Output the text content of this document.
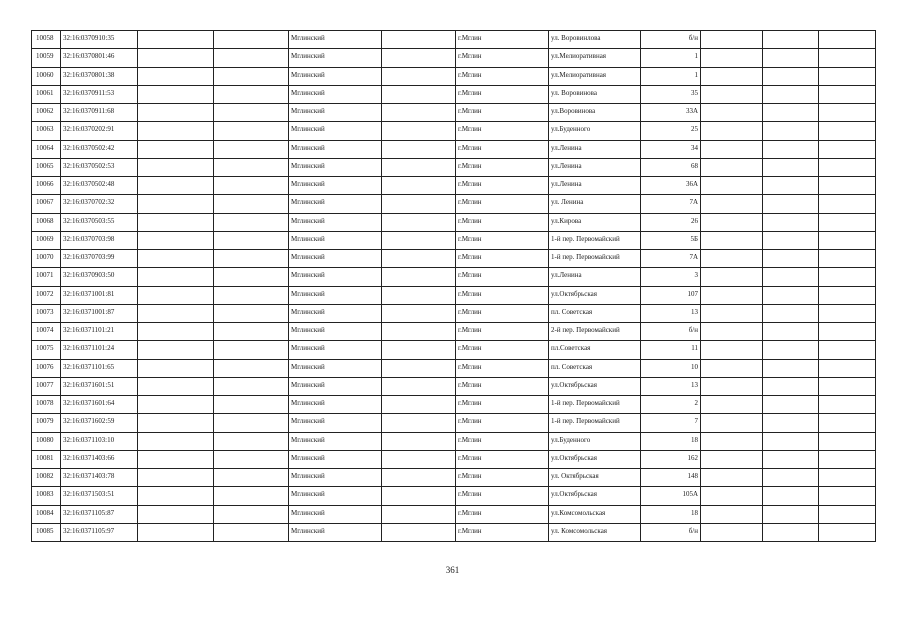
10058	32:16:0370910:35			Мглинский		г.Мглин	ул. Воровинлова	б/н			
10059	32:16:0370801:46			Мглинский		г.Мглин	ул.Мелиоративная	1			
10060	32:16:0370801:38			Мглинский		г.Мглин	ул.Мелиоративная	1			
10061	32:16:0370911:53			Мглинский		г.Мглин	ул. Воровинова	35			
10062	32:16:0370911:68			Мглинский		г.Мглин	ул.Воровинова	33А			
10063	32:16:0370202:91			Мглинский		г.Мглин	ул.Буденного	25			
10064	32:16:0370502:42			Мглинский		г.Мглин	ул.Ленина	34			
10065	32:16:0370502:53			Мглинский		г.Мглин	ул.Ленина	68			
10066	32:16:0370502:48			Мглинский		г.Мглин	ул.Ленина	36А			
10067	32:16:0370702:32			Мглинский		г.Мглин	ул. Ленина	7А			
10068	32:16:0370503:55			Мглинский		г.Мглин	ул.Кирова	26			
10069	32:16:0370703:98			Мглинский		г.Мглин	1-й пер. Первомайский	5Б			
10070	32:16:0370703:99			Мглинский		г.Мглин	1-й пер. Первомайский	7А			
10071	32:16:0370903:50			Мглинский		г.Мглин	ул.Ленина	3			
10072	32:16:0371001:81			Мглинский		г.Мглин	ул.Октябрьская	107			
10073	32:16:0371001:87			Мглинский		г.Мглин	пл. Советская	13			
10074	32:16:0371101:21			Мглинский		г.Мглин	2-й пер. Первомайский	б/н			
10075	32:16:0371101:24			Мглинский		г.Мглин	пл.Советская	11			
10076	32:16:0371101:65			Мглинский		г.Мглин	пл. Советская	10			
10077	32:16:0371601:51			Мглинский		г.Мглин	ул.Октябрьская	13			
10078	32:16:0371601:64			Мглинский		г.Мглин	1-й пер. Первомайский	2			
10079	32:16:0371602:59			Мглинский		г.Мглин	1-й пер. Первомайский	7			
10080	32:16:0371103:10			Мглинский		г.Мглин	ул.Буденного	18			
10081	32:16:0371403:66			Мглинский		г.Мглин	ул.Октябрьская	162			
10082	32:16:0371403:78			Мглинский		г.Мглин	ул. Октябрьская	148			
10083	32:16:0371503:51			Мглинский		г.Мглин	ул.Октябрьская	105А			
10084	32:16:0371105:87			Мглинский		г.Мглин	ул.Комсомольская	18			
10085	32:16:0371105:97			Мглинский		г.Мглин	ул. Комсомольская	б/н			
361
